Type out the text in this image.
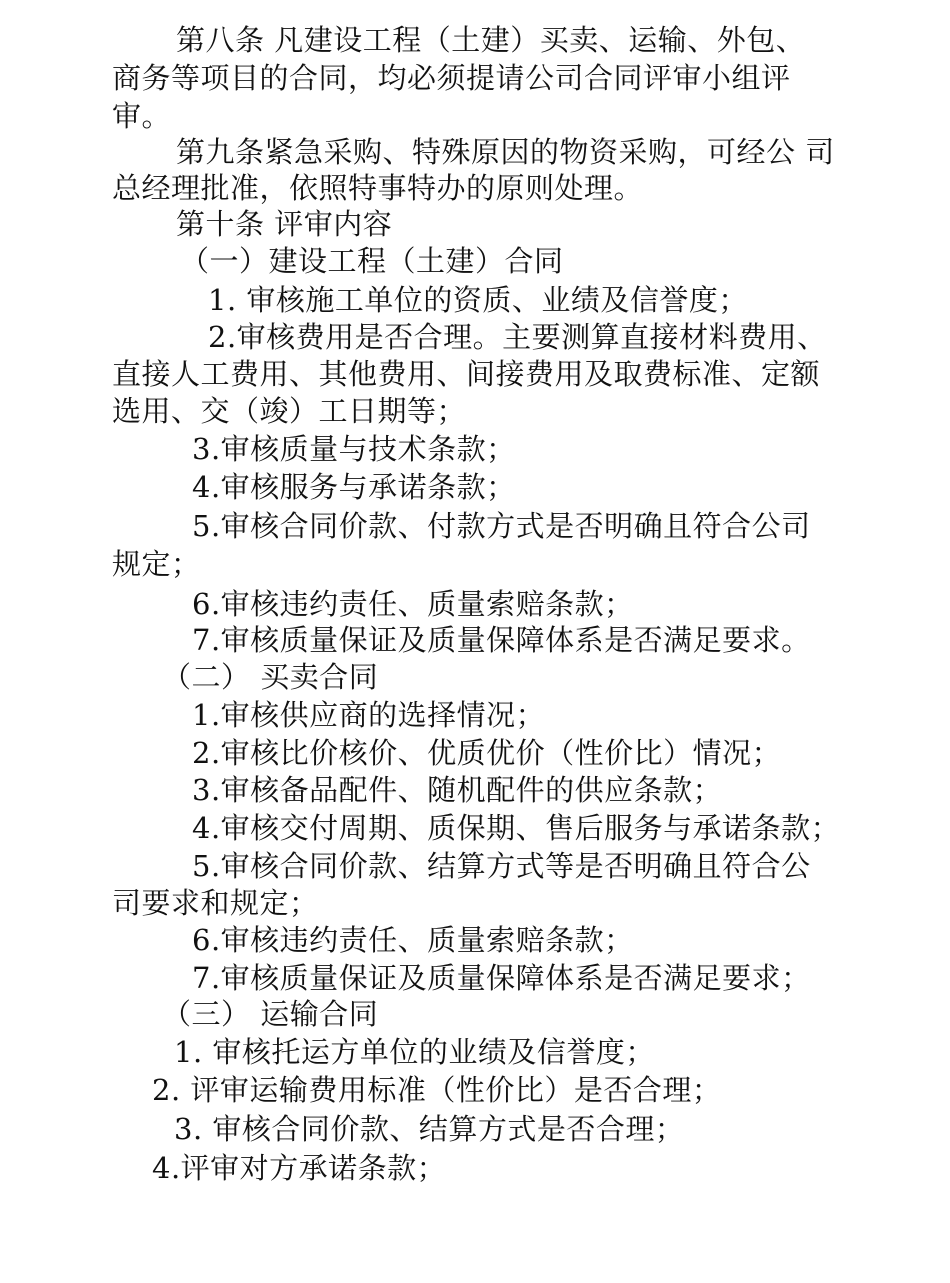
第八条 凡建设工程（土建）买卖、运输、外包、
商务等项目的合同，均必须提请公司合同评审小组评
审。
第九条紧急采购、特殊原因的物资采购，可经公 司
总经理批准，依照特事特办的原则处理。
第十条 评审内容
（一）建设工程（土建）合同
1. 审核施工单位的资质、业绩及信誉度；
2.审核费用是否合理。主要测算直接材料费用、
直接人工费用、其他费用、间接费用及取费标准、定额
选用、交（竣）工日期等；
3.审核质量与技术条款；
4.审核服务与承诺条款；
5.审核合同价款、付款方式是否明确且符合公司
规定；
6.审核违约责任、质量索赔条款；
7.审核质量保证及质量保障体系是否满足要求。
（二） 买卖合同
1.审核供应商的选择情况；
2.审核比价核价、优质优价（性价比）情况；
3.审核备品配件、随机配件的供应条款；
4.审核交付周期、质保期、售后服务与承诺条款；
5.审核合同价款、结算方式等是否明确且符合公
司要求和规定；
6.审核违约责任、质量索赔条款；
7.审核质量保证及质量保障体系是否满足要求；
（三） 运输合同
1. 审核托运方单位的业绩及信誉度；
2. 评审运输费用标准（性价比）是否合理；
3. 审核合同价款、结算方式是否合理；
4.评审对方承诺条款；
